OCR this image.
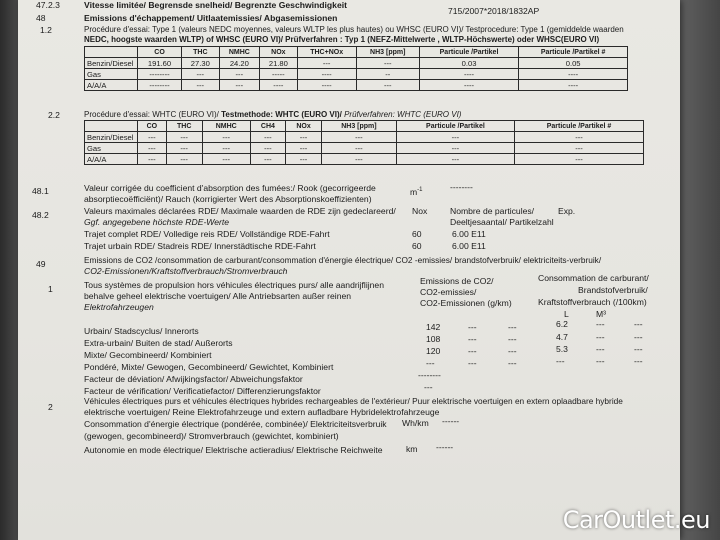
47.2.3	Vitesse limitée/ Begrensde snelheid/ Begrenzte Geschwindigkeit
715/2007*2018/1832AP
48	Emissions d'échappement/ Uitlaatemissies/ Abgasemissionen
1.2	Procédure d'essai: Type 1 (valeurs NEDC moyennes, valeurs WLTP les plus hautes) ou WHSC (EURO VI)/ Testprocedure: Type 1 (gemiddelde waarden
NEDC, hoogste waarden WLTP) of WHSC (EURO VI)/ Prüfverfahren : Typ 1 (NEFZ-Mittelwerte , WLTP-Höchswerte) oder WHSC(EURO VI)
	CO	THC	NMHC	NOx	THC+NOx	NH3 [ppm]	Particule /Partikel	Particule /Partikel #
Benzin/Diesel	191.60	27.30	24.20	21.80	---	---	0.03	0.05
Gas	--------	---	---	-----	----	--	----	----
A/A/A	--------	---	---	----	----	---	----	----
2.2	Procédure d'essai: WHTC (EURO VI)/ Testmethode: WHTC (EURO VI)/ Prüfverfahren: WHTC (EURO VI)
	CO	THC	NMHC	CH4	NOx	NH3 [ppm]	Particule /Partikel	Particule /Partikel #
Benzin/Diesel	---	---	---	---	---	---	---	---
Gas	---	---	---	---	---	---	---	---
A/A/A	---	---	---	---	---	---	---	---
48.1	Valeur corrigée du coefficient d'absorption des fumées:/ Rook (gecorrigeerde
absorptiecoëfficiënt)/ Rauch (korrigierter Wert des Absorptionskoeffizienten)
$m^{-1}$	--------
48.2	Valeurs maximales déclarées RDE/ Maximale waarden de RDE zijn gedeclareerd/
Ggf. angegebene höchste RDE-Werte
Nox	Nombre de particules/
Deeltjesaantal/ Partikelzahl
Exp.
Trajet complet RDE/ Volledige reis RDE/ Vollständige RDE-Fahrt	60	6.00 E11
Trajet urbain RDE/ Stadreis RDE/ Innerstädtische RDE-Fahrt	60	6.00 E11
49	Emissions de CO2 /consommation de carburant/consommation d'énergie électrique/ CO2 -emissies/ brandstofverbruik/ elektriciteits-verbruik/
CO2-Emissionen/Kraftstoffverbrauch/Stromverbrauch
1	Tous systèmes de propulsion hors véhicules électriques purs/ alle aandrijflijnen
behalve geheel elektrische voertuigen/ Alle Antriebsarten außer reinen
Elektrofahrzeugen
Emissions de CO2/
CO2-emissies/
CO2-Emissionen (g/km)
Consommation de carburant/
Brandstofverbruik/
Kraftstoffverbrauch (/100km)
L	M³
Urbain/ Stadscyclus/ Innerorts	142	---	---	6.2	---	---
Extra-urbain/ Buiten de stad/ Außerorts	108	---	---	4.7	---	---
Mixte/ Gecombineerd/ Kombiniert	120	---	---	5.3	---	---
Pondéré, Mixte/ Gewogen, Gecombineerd/ Gewichtet, Kombiniert	---	---	---	---	---	---
Facteur de déviation/ Afwijkingsfactor/ Abweichungsfaktor	--------
Facteur de vérification/ Verificatiefactor/ Differenzierungsfaktor	---
2
Véhicules électriques purs et véhicules électriques hybrides rechargeables de l'extérieur/ Puur elektrische voertuigen en extern oplaadbare hybride
elektrische voertuigen/ Reine Elektrofahrzeuge und extern aufladbare Hybridelektrofahrzeuge
Consommation d'énergie électrique (pondérée, combinée)/ Elektriciteitsverbruik Wh/km ------
(gewogen, gecombineerd)/ Stromverbrauch (gewichtet, kombiniert)
Autonomie en mode électrique/ Elektrische actieradius/ Elektrische Reichweite	km ------
CarOutlet.eu
